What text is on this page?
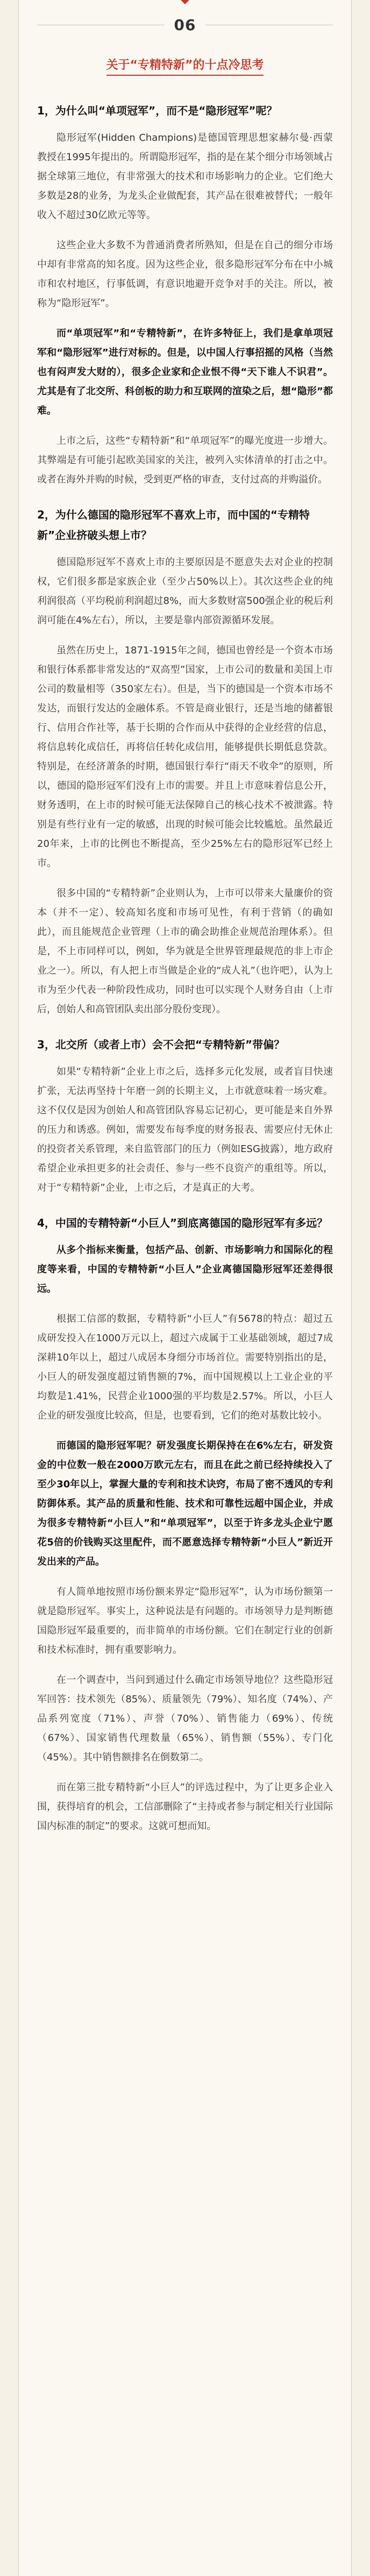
06
关于“专精特新”的十点冷思考
1，为什么叫“单项冠军”，而不是“隐形冠军”呢？
隐形冠军(Hidden Champions)是德国管理思想家赫尔曼·西蒙教授在1995年提出的。所谓隐形冠军，指的是在某个细分市场领域占据全球第三地位，有非常强大的技术和市场影响力的企业。它们绝大多数是28的业务，为龙头企业做配套，其产品在很难被替代；一般年收入不超过30亿欧元等等。
这些企业大多数不为普通消费者所熟知，但是在自己的细分市场中却有非常高的知名度。因为这些企业，很多隐形冠军分布在中小城市和农村地区，行事低调，有意识地避开竞争对手的关注。所以，被称为“隐形冠军”。
而“单项冠军”和“专精特新”，在许多特征上，我们是拿单项冠军和“隐形冠军”进行对标的。但是，以中国人行事招摇的风格（当然也有闷声发大财的），很多企业家和企业恨不得“天下谁人不识君”。尤其是有了北交所、科创板的助力和互联网的渲染之后，想“隐形”都难。
上市之后，这些“专精特新”和“单项冠军”的曝光度进一步增大。其弊端是有可能引起欧美国家的关注，被列入实体清单的打击之中。或者在海外并购的时候，受到更严格的审查，支付过高的并购溢价。
2，为什么德国的隐形冠军不喜欢上市，而中国的“专精特新”企业挤破头想上市？
德国隐形冠军不喜欢上市的主要原因是不愿意失去对企业的控制权，它们很多都是家族企业（至少占50%以上）。其次这些企业的纯利润很高（平均税前利润超过8%，而大多数财富500强企业的税后利润可能在4%左右），所以，主要是靠内部资源循环发展。
虽然在历史上，1871-1915年之间，德国也曾经是一个资本市场和银行体系都非常发达的“双高型”国家，上市公司的数量和美国上市公司的数量相等（350家左右）。但是，当下的德国是一个资本市场不发达，而银行发达的金融体系。不管是商业银行，还是当地的储蓄银行、信用合作社等，基于长期的合作而从中获得的企业经营的信息，将信息转化成信任，再将信任转化成信用，能够提供长期低息贷款。特别是，在经济萧条的时期，德国银行奉行“雨天不收伞”的原则，所以，德国的隐形冠军们没有上市的需要。并且上市意味着信息公开，财务透明，在上市的时候可能无法保障自己的核心技术不被泄露。特别是有些行业有一定的敏感，出现的时候可能会比较尴尬。虽然最近20年来，上市的比例也不断提高，至少25%左右的隐形冠军已经上市。
很多中国的“专精特新”企业则认为，上市可以带来大量廉价的资本（并不一定）、较高知名度和市场可见性，有利于营销（的确如此），而且能规范企业管理（上市的确会助推企业规范治理体系）。但是，不上市同样可以，例如，华为就是全世界管理最规范的非上市企业之一）。所以，有人把上市当做是企业的“成人礼”（也许吧），认为上市为至少代表一种阶段性成功，同时也可以实现个人财务自由（上市后，创始人和高管团队卖出部分股份变现）。
3，北交所（或者上市）会不会把“专精特新”带偏？
如果“专精特新”企业上市之后，选择多元化发展，或者盲目快速扩张，无法再坚持十年磨一剑的长期主义，上市就意味着一场灾难。这不仅仅是因为创始人和高管团队容易忘记初心，更可能是来自外界的压力和诱惑。例如，需要发布每季度的财务报表、需要应付无休止的投资者关系管理，来自监管部门的压力（例如ESG披露），地方政府希望企业承担更多的社会责任、参与一些不良资产的重组等。所以，对于“专精特新”企业，上市之后，才是真正的大考。
4，中国的专精特新“小巨人”到底离德国的隐形冠军有多远？
从多个指标来衡量，包括产品、创新、市场影响力和国际化的程度等来看，中国的专精特新“小巨人”企业离德国隐形冠军还差得很远。
根据工信部的数据，专精特新“小巨人”有5678的特点：超过五成研发投入在1000万元以上，超过六成属于工业基础领域，超过7成深耕10年以上，超过八成居本身细分市场首位。需要特别指出的是，小巨人的研发强度超过销售额的7%，而中国规模以上工业企业的平均数是1.41%，民营企业1000强的平均数是2.57%。所以，小巨人企业的研发强度比较高，但是，也要看到，它们的绝对基数比较小。
而德国的隐形冠军呢？研发强度长期保持在在6%左右，研发资金的中位数一般在2000万欧元左右，而且在此之前已经持续投入了至少30年以上，掌握大量的专利和技术诀窍，布局了密不透风的专利防御体系。其产品的质量和性能、技术和可靠性远超中国企业，并成为很多专精特新“小巨人”和“单项冠军”，以至于许多龙头企业宁愿花5倍的价钱购买这里配件，而不愿意选择专精特新“小巨人”新近开发出来的产品。
有人简单地按照市场份额来界定“隐形冠军”，认为市场份额第一就是隐形冠军。事实上，这种说法是有问题的。市场领导力是判断德国隐形冠军最重要的，而非简单的市场份额。它们在制定行业的创新和技术标准时，拥有重要影响力。
在一个调查中，当问到通过什么确定市场领导地位？这些隐形冠军回答：技术领先（85%）、质量领先（79%）、知名度（74%）、产品系列宽度（71%）、声誉（70%）、销售能力（69%）、传统（67%）、国家销售代理数量（65%）、销售额（55%）、专门化（45%）。其中销售额排名在倒数第二。
而在第三批专精特新“小巨人”的评选过程中，为了让更多企业入围，获得培育的机会，工信部删除了“主持或者参与制定相关行业国际国内标准的制定”的要求。这就可想而知。
